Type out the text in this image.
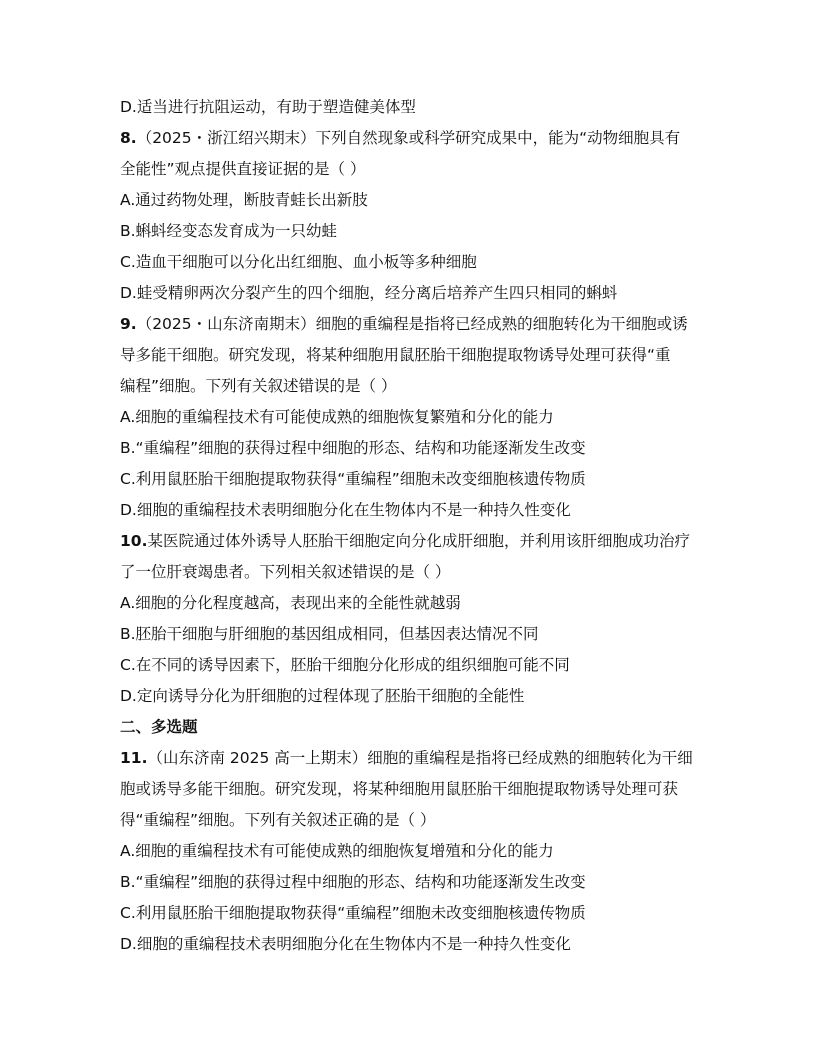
D.适当进行抗阻运动，有助于塑造健美体型
8.（2025・浙江绍兴期末）下列自然现象或科学研究成果中，能为“动物细胞具有
全能性”观点提供直接证据的是（ ）
A.通过药物处理，断肢青蛙长出新肢
B.蝌蚪经变态发育成为一只幼蛙
C.造血干细胞可以分化出红细胞、血小板等多种细胞
D.蛙受精卵两次分裂产生的四个细胞，经分离后培养产生四只相同的蝌蚪
9.（2025・山东济南期末）细胞的重编程是指将已经成熟的细胞转化为干细胞或诱
导多能干细胞。研究发现，将某种细胞用鼠胚胎干细胞提取物诱导处理可获得“重
编程”细胞。下列有关叙述错误的是（ ）
A.细胞的重编程技术有可能使成熟的细胞恢复繁殖和分化的能力
B.“重编程”细胞的获得过程中细胞的形态、结构和功能逐渐发生改变
C.利用鼠胚胎干细胞提取物获得“重编程”细胞未改变细胞核遗传物质
D.细胞的重编程技术表明细胞分化在生物体内不是一种持久性变化
10.某医院通过体外诱导人胚胎干细胞定向分化成肝细胞，并利用该肝细胞成功治疗
了一位肝衰竭患者。下列相关叙述错误的是（ ）
A.细胞的分化程度越高，表现出来的全能性就越弱
B.胚胎干细胞与肝细胞的基因组成相同，但基因表达情况不同
C.在不同的诱导因素下，胚胎干细胞分化形成的组织细胞可能不同
D.定向诱导分化为肝细胞的过程体现了胚胎干细胞的全能性
二、多选题
11.（山东济南 2025 高一上期末）细胞的重编程是指将已经成熟的细胞转化为干细
胞或诱导多能干细胞。研究发现，将某种细胞用鼠胚胎干细胞提取物诱导处理可获
得“重编程”细胞。下列有关叙述正确的是（ ）
A.细胞的重编程技术有可能使成熟的细胞恢复增殖和分化的能力
B.“重编程”细胞的获得过程中细胞的形态、结构和功能逐渐发生改变
C.利用鼠胚胎干细胞提取物获得“重编程”细胞未改变细胞核遗传物质
D.细胞的重编程技术表明细胞分化在生物体内不是一种持久性变化
